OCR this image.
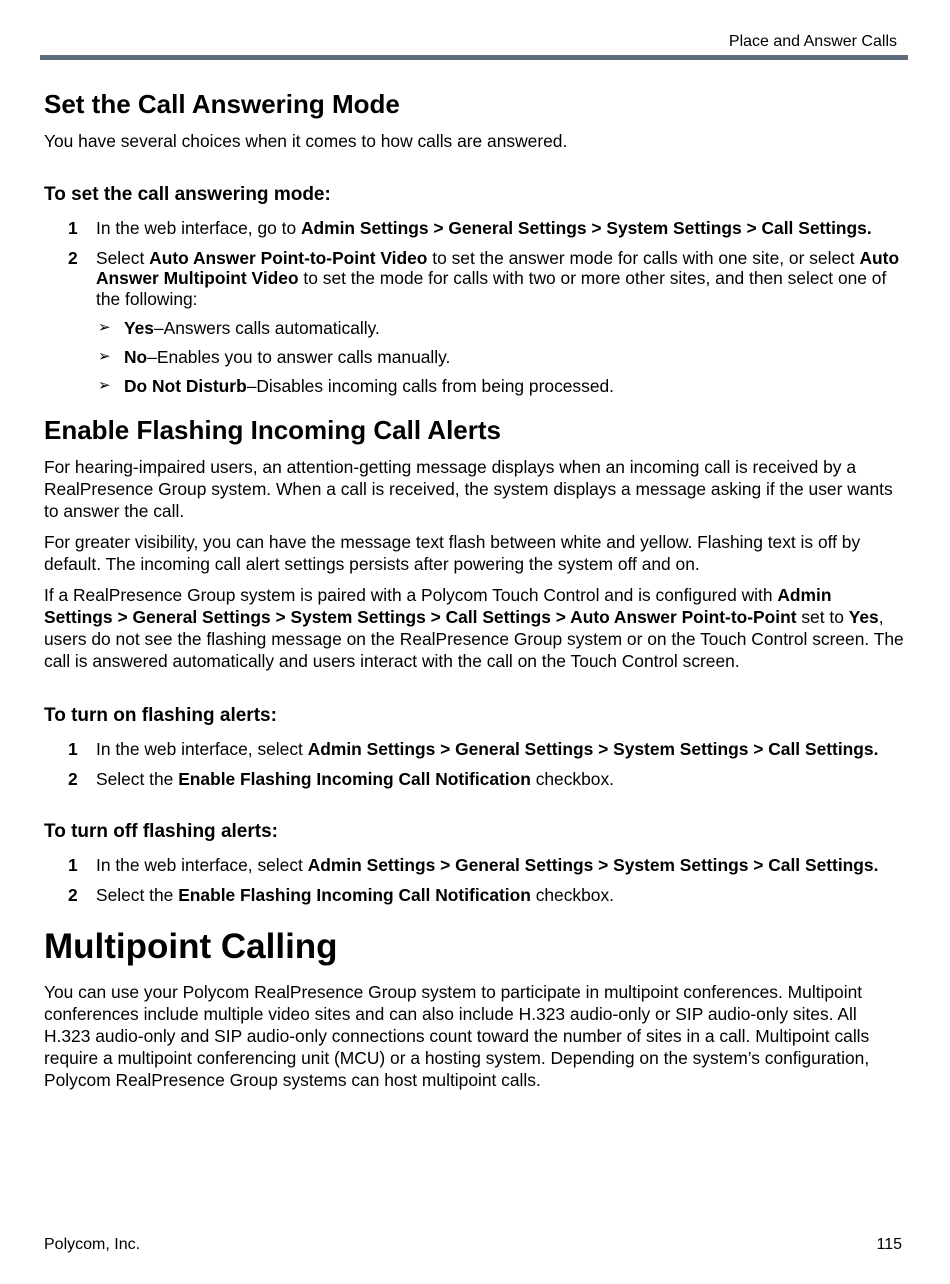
Place and Answer Calls
Set the Call Answering Mode

You have several choices when it comes to how calls are answered.

To set the call answering mode:
1 In the web interface, go to Admin Settings > General Settings > System Settings > Call Settings.
2 Select Auto Answer Point-to-Point Video to set the answer mode for calls with one site, or select Auto Answer Multipoint Video to set the mode for calls with two or more other sites, and then select one of the following:
➢ Yes–Answers calls automatically.
➢ No–Enables you to answer calls manually.
➢ Do Not Disturb–Disables incoming calls from being processed.
Enable Flashing Incoming Call Alerts

For hearing-impaired users, an attention-getting message displays when an incoming call is received by a RealPresence Group system. When a call is received, the system displays a message asking if the user wants to answer the call.

For greater visibility, you can have the message text flash between white and yellow. Flashing text is off by default. The incoming call alert settings persists after powering the system off and on.

If a RealPresence Group system is paired with a Polycom Touch Control and is configured with Admin Settings > General Settings > System Settings > Call Settings > Auto Answer Point-to-Point set to Yes, users do not see the flashing message on the RealPresence Group system or on the Touch Control screen. The call is answered automatically and users interact with the call on the Touch Control screen.

To turn on flashing alerts:
1 In the web interface, select Admin Settings > General Settings > System Settings > Call Settings.
2 Select the Enable Flashing Incoming Call Notification checkbox.
To turn off flashing alerts:
1 In the web interface, select Admin Settings > General Settings > System Settings > Call Settings.
2 Select the Enable Flashing Incoming Call Notification checkbox.
Multipoint Calling

You can use your Polycom RealPresence Group system to participate in multipoint conferences. Multipoint conferences include multiple video sites and can also include H.323 audio-only or SIP audio-only sites. All H.323 audio-only and SIP audio-only connections count toward the number of sites in a call. Multipoint calls require a multipoint conferencing unit (MCU) or a hosting system. Depending on the system’s configuration, Polycom RealPresence Group systems can host multipoint calls.

Polycom, Inc.	115
